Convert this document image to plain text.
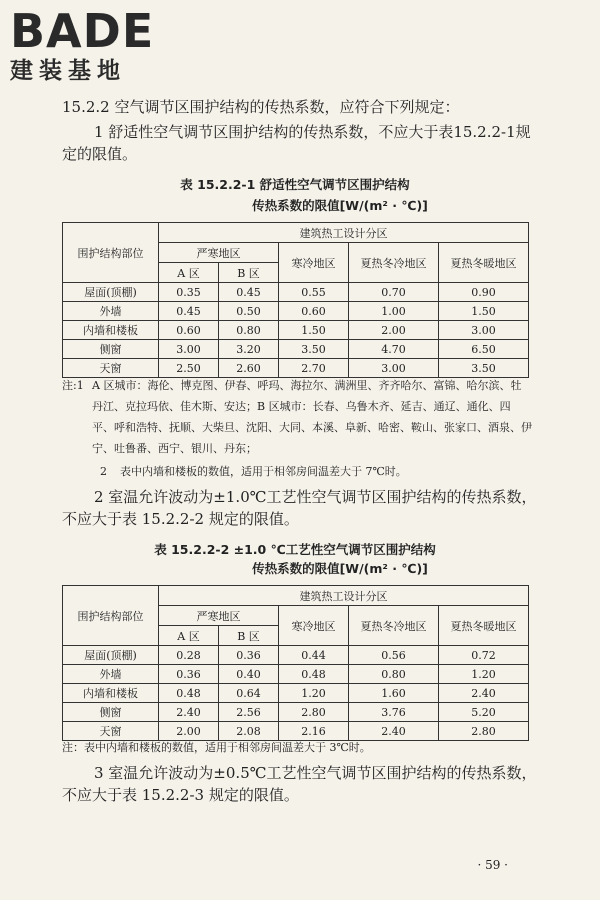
BADE
建装基地
15.2.2 空气调节区围护结构的传热系数，应符合下列规定：
1 舒适性空气调节区围护结构的传热系数，不应大于表15.2.2-1规定的限值。
表 15.2.2-1 舒适性空气调节区围护结构
传热系数的限值[W/(m² · ℃)]
围护结构部位	建筑热工设计分区				
	严寒地区		寒冷地区	夏热冬冷地区	夏热冬暖地区
	A 区	B 区			
屋面(顶棚)	0.35	0.45	0.55	0.70	0.90
外墙	0.45	0.50	0.60	1.00	1.50
内墙和楼板	0.60	0.80	1.50	2.00	3.00
侧窗	3.00	3.20	3.50	4.70	6.50
天窗	2.50	2.60	2.70	3.00	3.50
注:1 A 区城市：海伦、博克图、伊春、呼玛、海拉尔、满洲里、齐齐哈尔、富锦、哈尔滨、牡丹江、克拉玛依、佳木斯、安达；B 区城市：长春、乌鲁木齐、延吉、通辽、通化、四平、呼和浩特、抚顺、大柴旦、沈阳、大同、本溪、阜新、哈密、鞍山、张家口、酒泉、伊宁、吐鲁番、西宁、银川、丹东；
2	表中内墙和楼板的数值，适用于相邻房间温差大于 7℃时。
2 室温允许波动为±1.0℃工艺性空气调节区围护结构的传热系数，不应大于表 15.2.2-2 规定的限值。
表 15.2.2-2 ±1.0 ℃工艺性空气调节区围护结构
传热系数的限值[W/(m² · ℃)]
围护结构部位	建筑热工设计分区				
	严寒地区		寒冷地区	夏热冬冷地区	夏热冬暖地区
	A 区	B 区			
屋面(顶棚)	0.28	0.36	0.44	0.56	0.72
外墙	0.36	0.40	0.48	0.80	1.20
内墙和楼板	0.48	0.64	1.20	1.60	2.40
侧窗	2.40	2.56	2.80	3.76	5.20
天窗	2.00	2.08	2.16	2.40	2.80
注：表中内墙和楼板的数值，适用于相邻房间温差大于 3℃时。
3 室温允许波动为±0.5℃工艺性空气调节区围护结构的传热系数，不应大于表 15.2.2-3 规定的限值。
· 59 ·
